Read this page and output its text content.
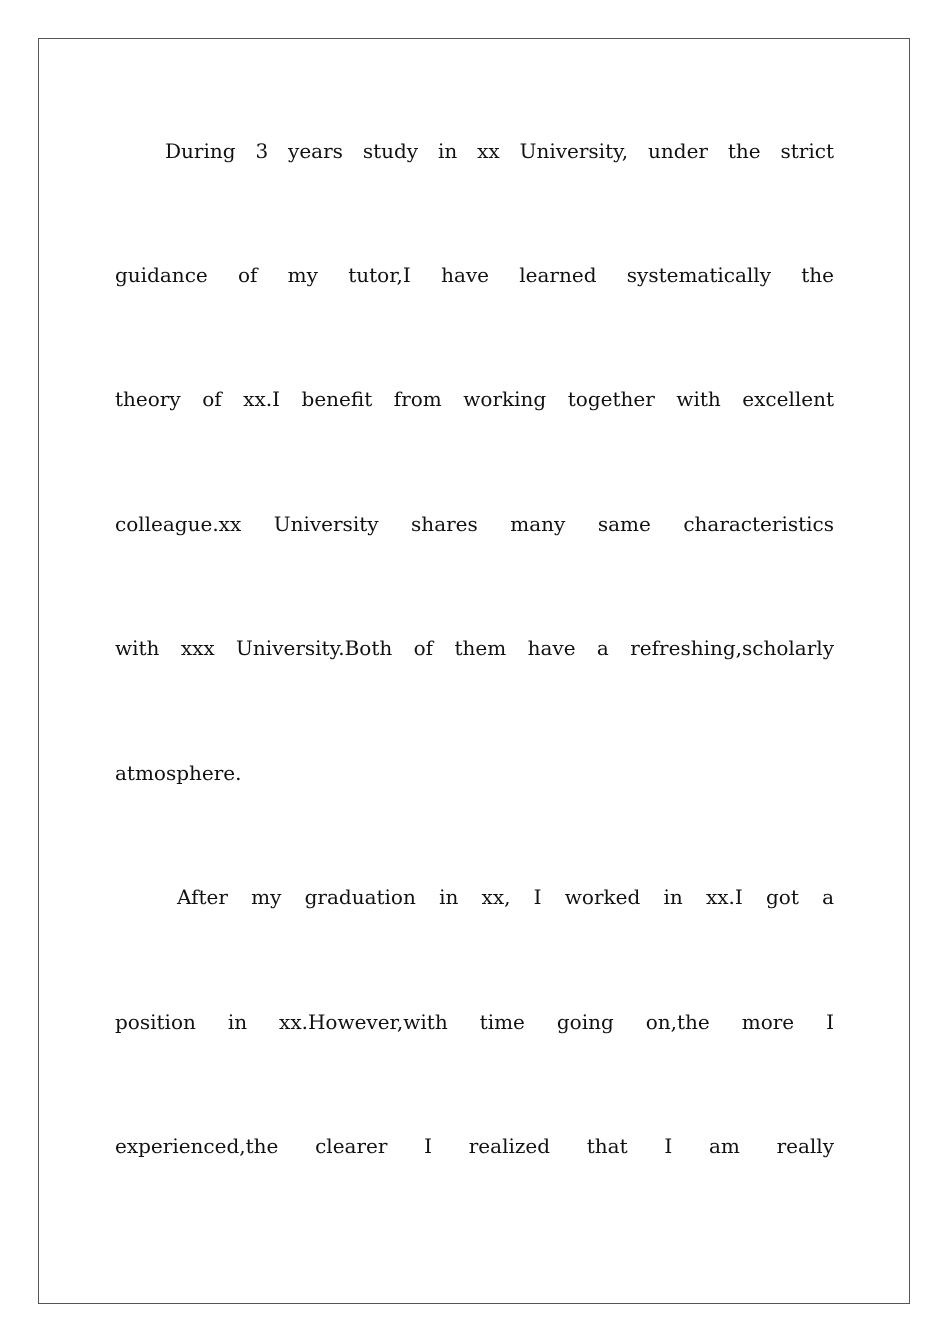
During 3 years study in xx University, under the strict
guidance of my tutor,I have learned systematically the
theory of xx.I benefit from working together with excellent
colleague.xx University shares many same characteristics
with xxx University.Both of them have a refreshing,scholarly
atmosphere.
After my graduation in xx, I worked in xx.I got a
position in xx.However,with time going on,the more I
experienced,the clearer I realized that I am really
